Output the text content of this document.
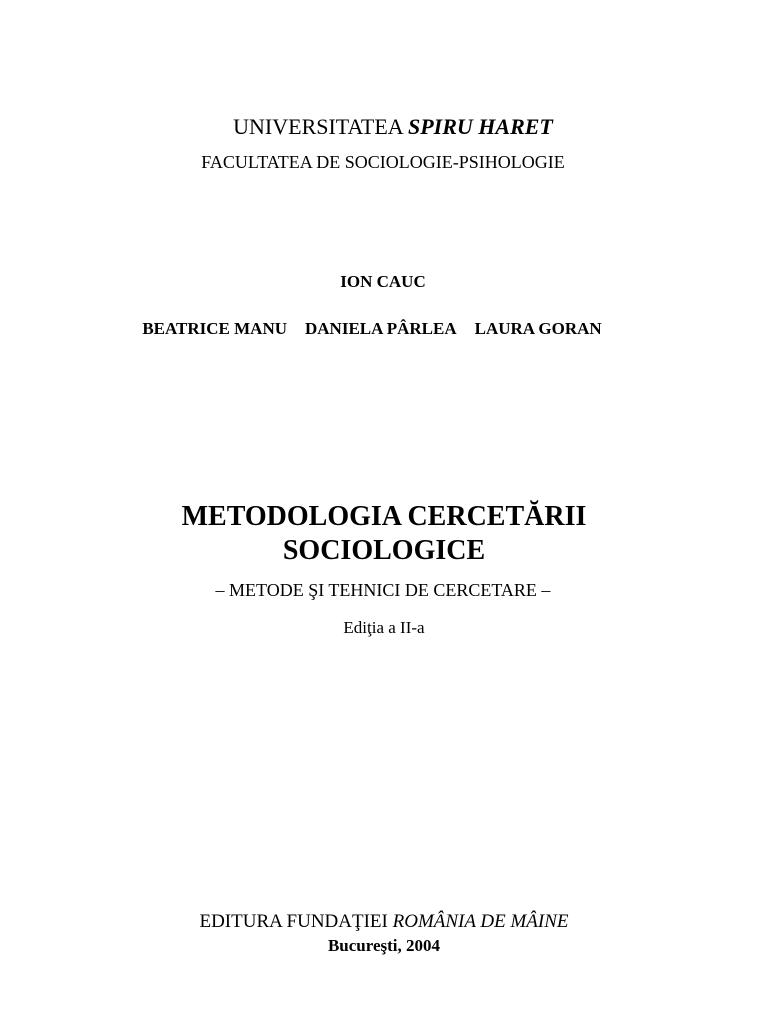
UNIVERSITATEA SPIRU HARET

FACULTATEA DE SOCIOLOGIE-PSIHOLOGIE

ION CAUC

BEATRICE MANU DANIELA PÂRLEA LAURA GORAN

METODOLOGIA CERCETĂRII
SOCIOLOGICE

– METODE ŞI TEHNICI DE CERCETARE –

Ediţia a II-a

EDITURA FUNDAŢIEI ROMÂNIA DE MÂINE

Bucureşti, 2004
